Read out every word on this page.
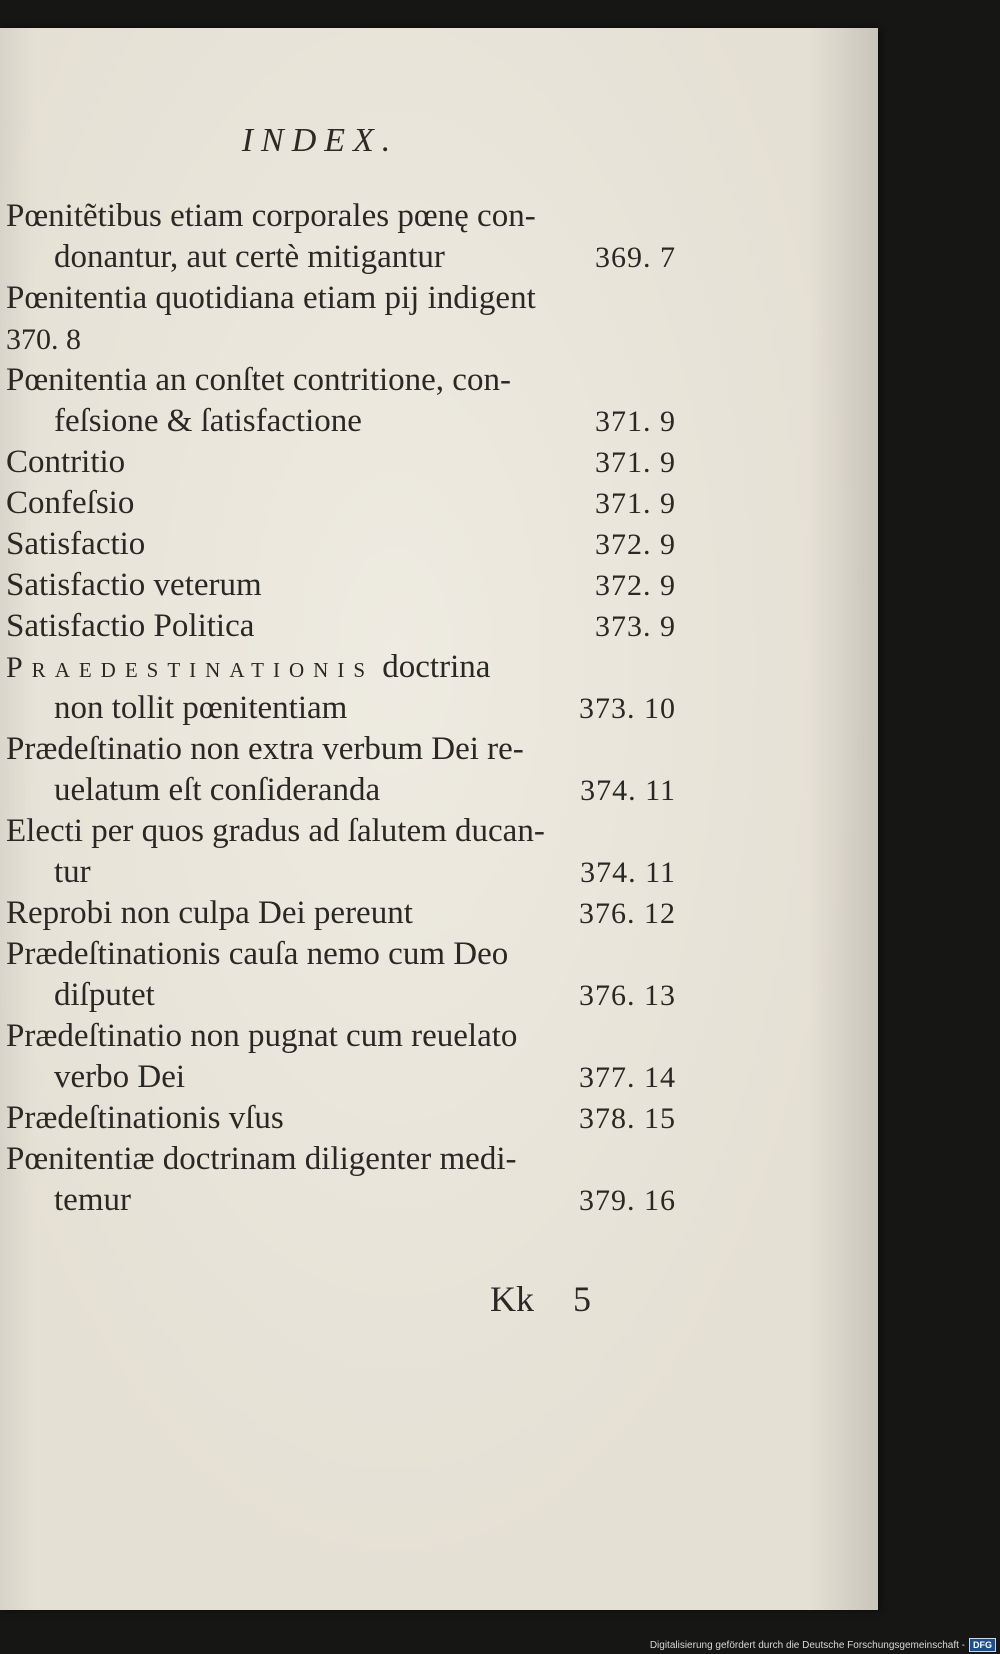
INDEX.
Pœnitẽtibus etiam corporales pœnę con-
donantur, aut certè mitigantur	369. 7
Pœnitentia quotidiana etiam pij indigent
370. 8
Pœnitentia an conſtet contritione, con-
feſsione & ſatisfactione	371. 9
Contritio	371. 9
Confeſsio	371. 9
Satisfactio	372. 9
Satisfactio veterum	372. 9
Satisfactio Politica	373. 9
Praedestinationis doctrina
non tollit pœnitentiam	373. 10
Prædeſtinatio non extra verbum Dei re-
uelatum eſt conſideranda	374. 11
Electi per quos gradus ad ſalutem ducan-
tur	374. 11
Reprobi non culpa Dei pereunt	376. 12
Prædeſtinationis cauſa nemo cum Deo
diſputet	376. 13
Prædeſtinatio non pugnat cum reuelato
verbo Dei	377. 14
Prædeſtinationis vſus	378. 15
Pœnitentiæ doctrinam diligenter medi-
temur	379. 16
Kk 5
Digitalisierung gefördert durch die Deutsche Forschungsgemeinschaft - DFG
